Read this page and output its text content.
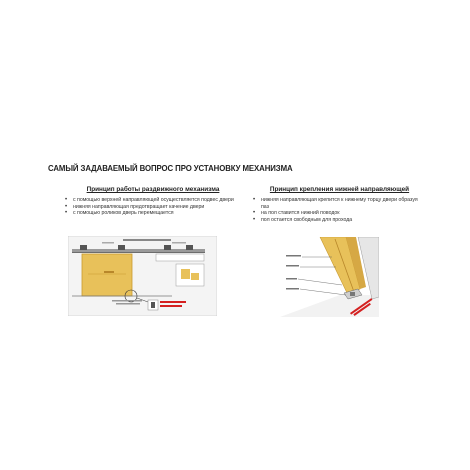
САМЫЙ ЗАДАВАЕМЫЙ ВОПРОС ПРО УСТАНОВКУ МЕХАНИЗМА
Принцип работы раздвижного механизма
• с помощью верхней направляющей осуществляется подвес двери
• нижняя направляющая предотвращает качение двери
• с помощью роликов дверь перемещается
Принцип крепления нижней направляющей
• нижняя направляющая крепится к нижнему торцу двери образуя паз
• на пол ставится нижний поводок
• пол остается свободным для прохода
